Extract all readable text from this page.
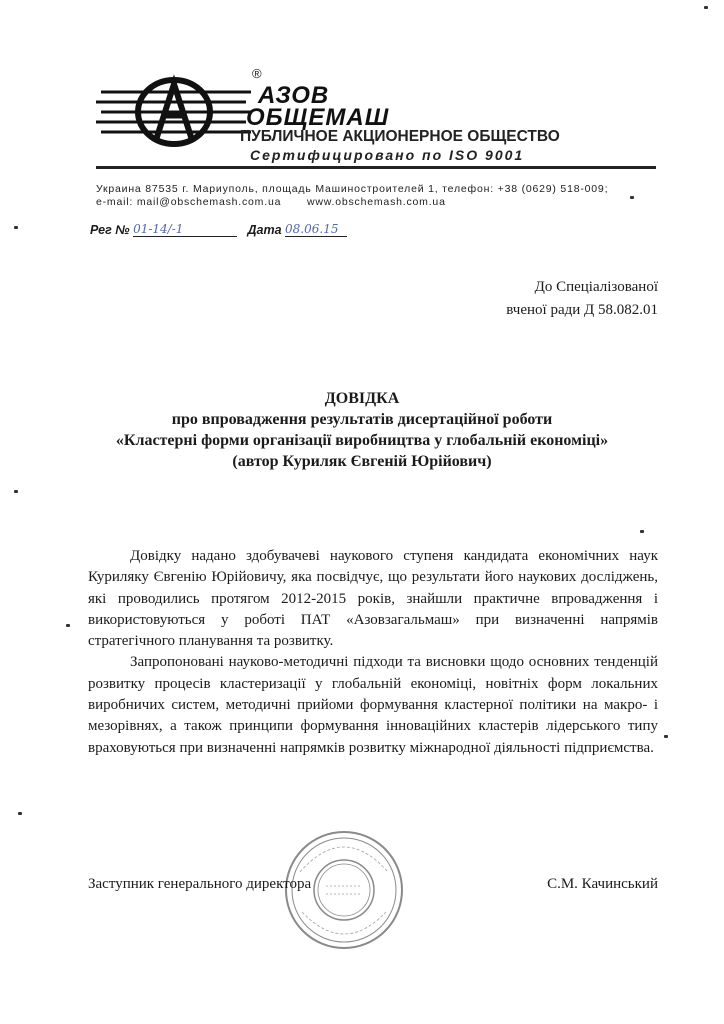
®
АЗОВ
ОБЩЕМАШ
ПУБЛИЧНОЕ АКЦИОНЕРНОЕ ОБЩЕСТВО
Сертифицировано по ISO 9001
Украина 87535 г. Мариуполь, площадь Машиностроителей 1, телефон: +38 (0629) 518-009;
e-mail: mail@obschemash.com.ua www.obschemash.com.ua
Рег № 01-14/-1	Дата 08.06.15
До Спеціалізованої
вченої ради Д 58.082.01
ДОВІДКА
про впровадження результатів дисертаційної роботи
«Кластерні форми організації виробництва у глобальній економіці»
(автор Куриляк Євгеній Юрійович)

Довідку надано здобувачеві наукового ступеня кандидата економічних наук Куриляку Євгенію Юрійовичу, яка посвідчує, що результати його наукових досліджень, які проводились протягом 2012-2015 років, знайшли практичне впровадження і використовуються у роботі ПАТ «Азовзагальмаш» при визначенні напрямів стратегічного планування та розвитку.

Запропоновані науково-методичні підходи та висновки щодо основних тенденцій розвитку процесів кластеризації у глобальній економіці, новітніх форм локальних виробничих систем, методичні прийоми формування кластерної політики на макро- і мезорівнях, а також принципи формування інноваційних кластерів лідерського типу враховуються при визначенні напрямків розвитку міжнародної діяльності підприємства.

Заступник генерального директора	С.М. Качинський
